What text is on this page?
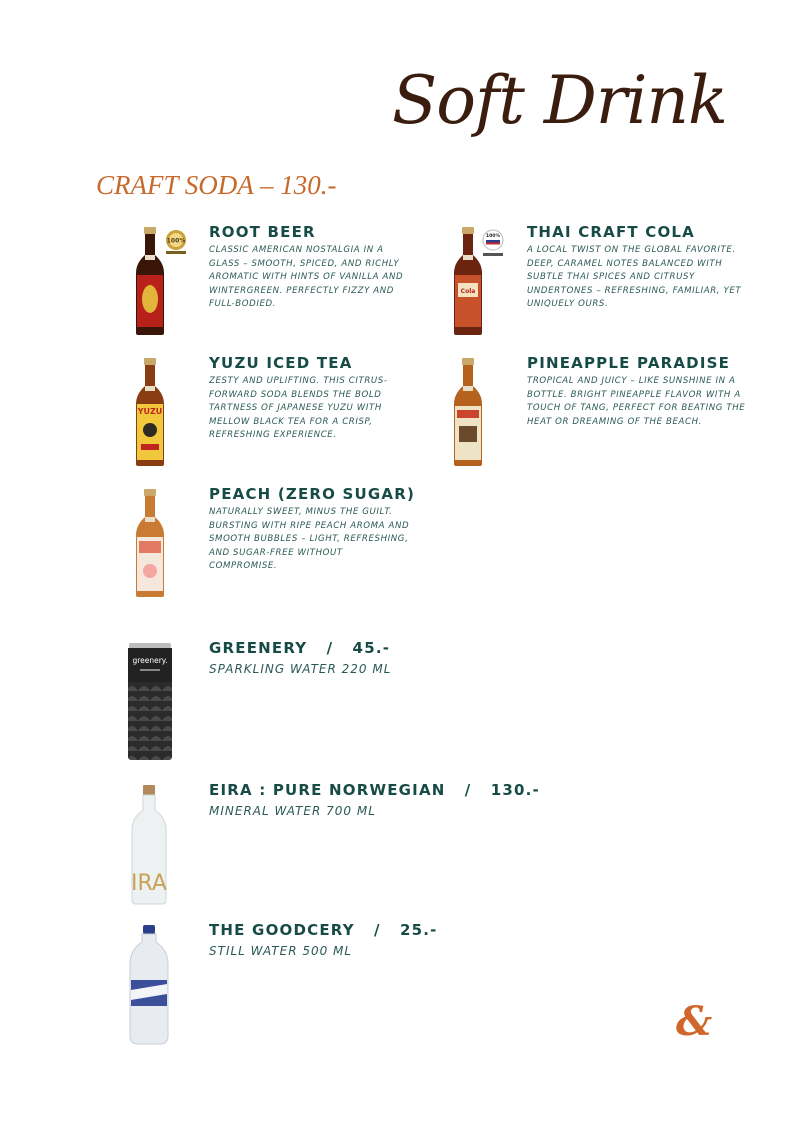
Soft Drink
CRAFT SODA – 130.-
100% ROOT BEER
CLASSIC AMERICAN NOSTALGIA IN A GLASS – SMOOTH, SPICED, AND RICHLY AROMATIC WITH HINTS OF VANILLA AND WINTERGREEN. PERFECTLY FIZZY AND FULL-BODIED.
Cola
100% THAI CRAFT COLA
A LOCAL TWIST ON THE GLOBAL FAVORITE. DEEP, CARAMEL NOTES BALANCED WITH SUBTLE THAI SPICES AND CITRUSY UNDERTONES – REFRESHING, FAMILIAR, YET UNIQUELY OURS.
YUZU
YUZU ICED TEA
ZESTY AND UPLIFTING. THIS CITRUS-FORWARD SODA BLENDS THE BOLD TARTNESS OF JAPANESE YUZU WITH MELLOW BLACK TEA FOR A CRISP, REFRESHING EXPERIENCE.
PINEAPPLE PARADISE
TROPICAL AND JUICY – LIKE SUNSHINE IN A BOTTLE. BRIGHT PINEAPPLE FLAVOR WITH A TOUCH OF TANG, PERFECT FOR BEATING THE HEAT OR DREAMING OF THE BEACH.
PEACH (ZERO SUGAR)
NATURALLY SWEET, MINUS THE GUILT. BURSTING WITH RIPE PEACH AROMA AND SMOOTH BUBBLES – LIGHT, REFRESHING, AND SUGAR-FREE WITHOUT COMPROMISE.
greenery.
GREENERY   /   45.-
SPARKLING WATER 220 ML
IRA
EIRA : PURE NORWEGIAN   /   130.-
MINERAL WATER 700 ML
THE GOODCERY   /   25.-
STILL WATER 500 ML
&
